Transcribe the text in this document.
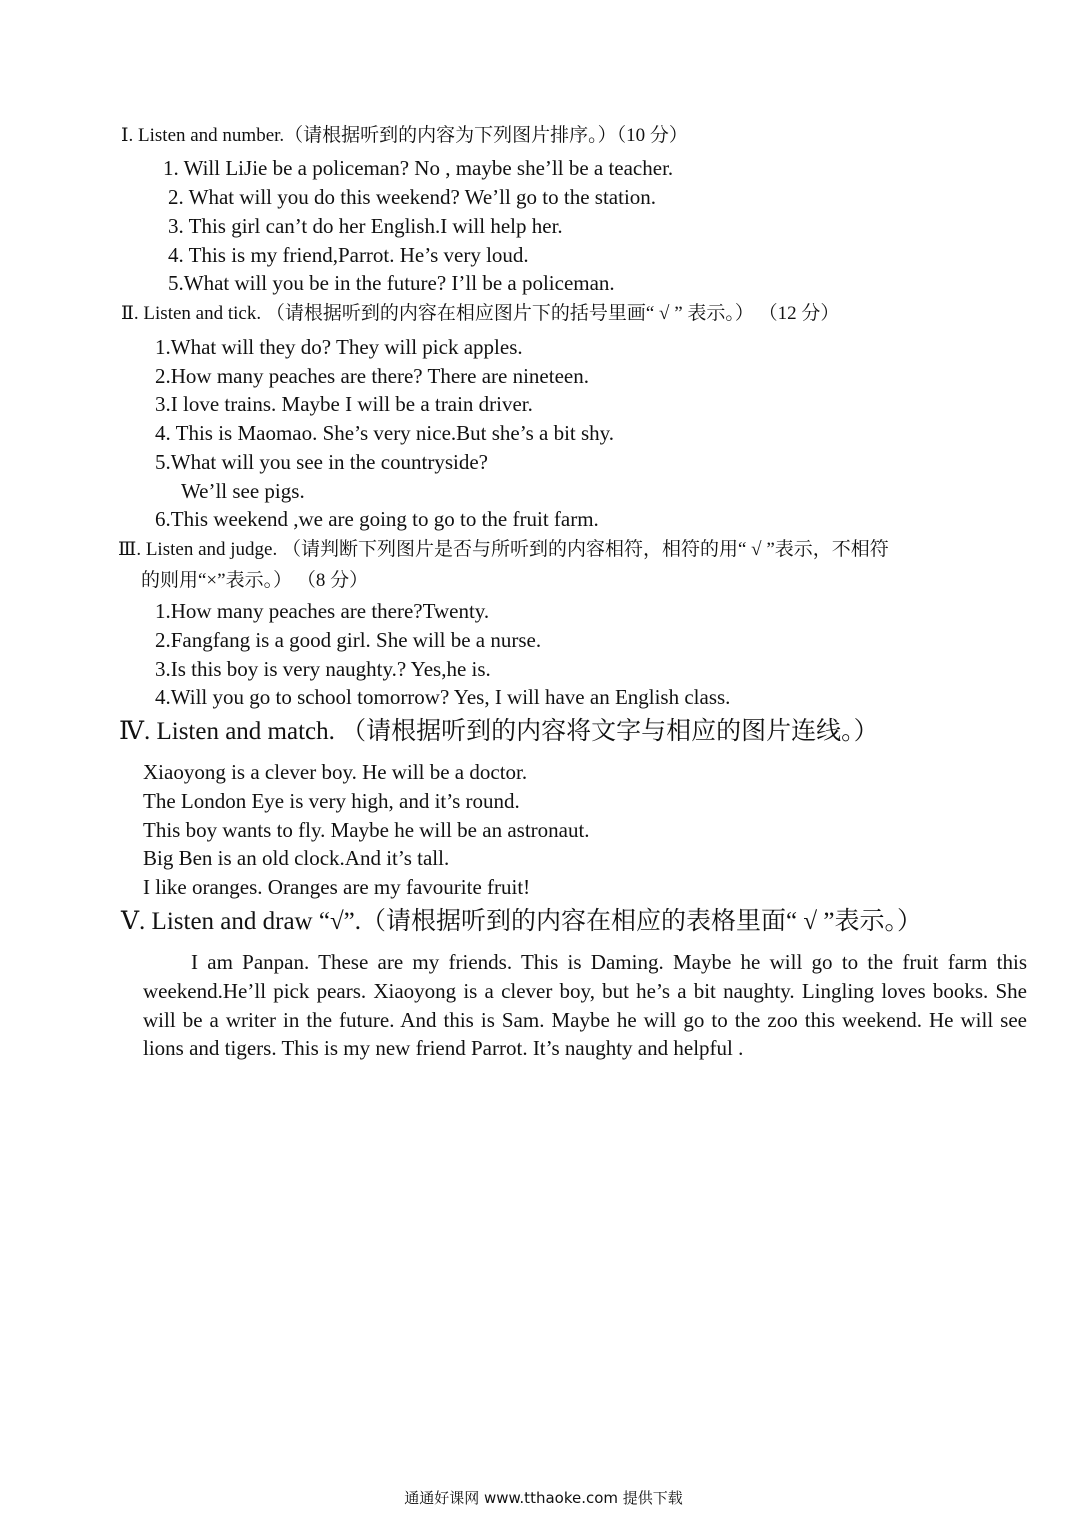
Ⅰ. Listen and number.（请根据听到的内容为下列图片排序。）（10 分）
1. Will LiJie be a policeman? No , maybe she’ll be a teacher.
2. What will you do this weekend? We’ll go to the station.
3. This girl can’t do her English.I will help her.
4. This is my friend,Parrot. He’s very loud.
5.What will you be in the future? I’ll be a policeman.
Ⅱ. Listen and tick. （请根据听到的内容在相应图片下的括号里画“ √ ” 表示。） （12 分）
1.What will they do? They will pick apples.
2.How many peaches are there? There are nineteen.
3.I love trains. Maybe I will be a train driver.
4. This is Maomao. She’s very nice.But she’s a bit shy.
5.What will you see in the countryside?
We’ll see pigs.
6.This weekend ,we are going to go to the fruit farm.
Ⅲ. Listen and judge. （请判断下列图片是否与所听到的内容相符，相符的用“ √ ”表示，不相符
的则用“×”表示。） （8 分）
1.How many peaches are there?Twenty.
2.Fangfang is a good girl. She will be a nurse.
3.Is this boy is very naughty.? Yes,he is.
4.Will you go to school tomorrow? Yes, I will have an English class.
Ⅳ. Listen and match. （请根据听到的内容将文字与相应的图片连线。）
Xiaoyong is a clever boy. He will be a doctor.
The London Eye is very high, and it’s round.
This boy wants to fly. Maybe he will be an astronaut.
Big Ben is an old clock.And it’s tall.
I like oranges. Oranges are my favourite fruit!
Ⅴ. Listen and draw “√”.（请根据听到的内容在相应的表格里面“ √ ”表示。）
I am Panpan. These are my friends. This is Daming. Maybe he will go to the fruit farm this weekend.He’ll pick pears. Xiaoyong is a clever boy, but he’s a bit naughty. Lingling loves books. She will be a writer in the future. And this is Sam. Maybe he will go to the zoo this weekend. He will see lions and tigers. This is my new friend Parrot. It’s naughty and helpful .
通通好课网 www.tthaoke.com 提供下载
